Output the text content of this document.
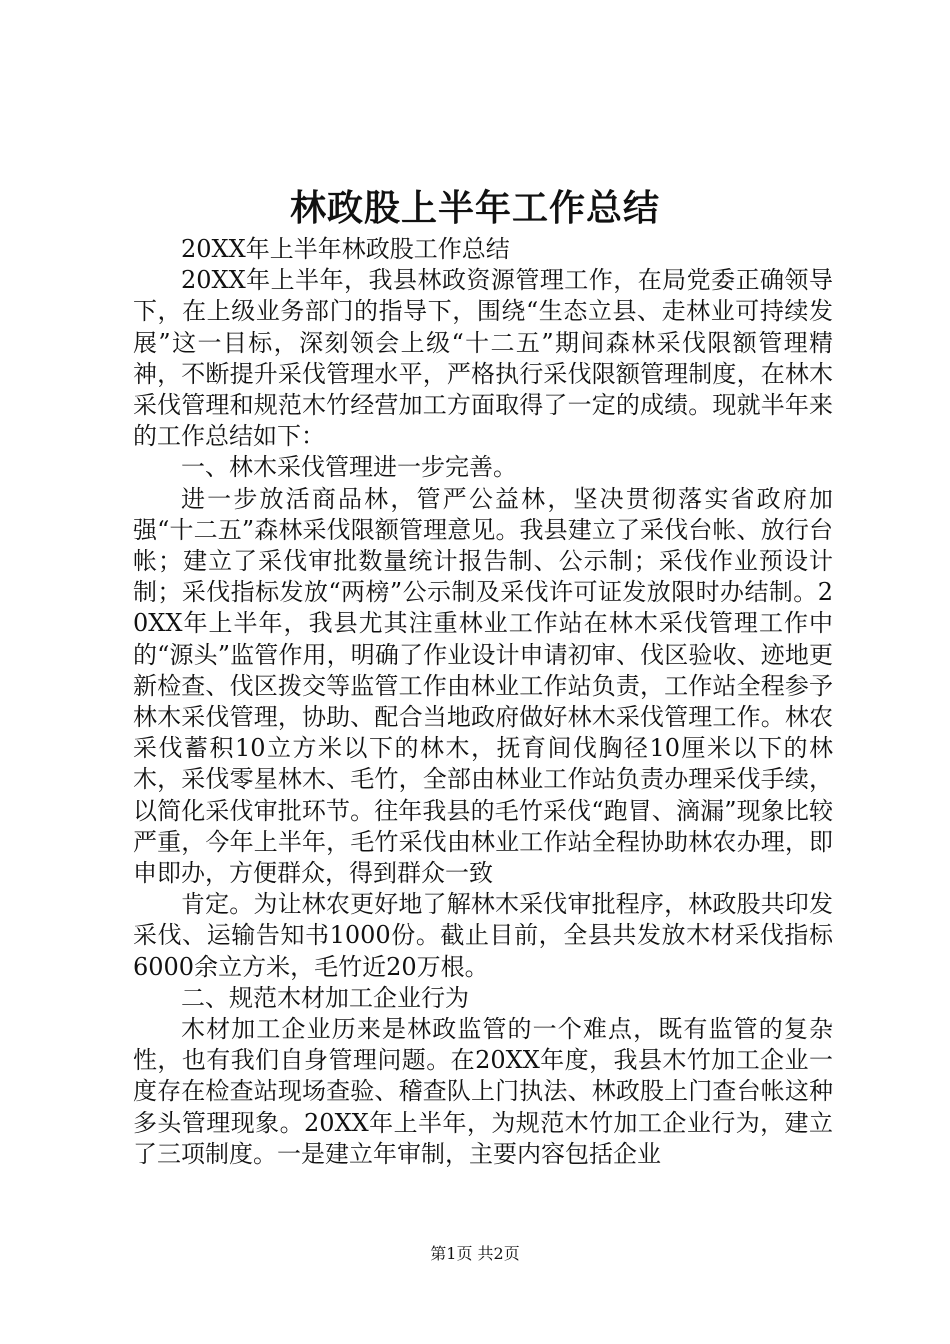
林政股上半年工作总结

20XX年上半年林政股工作总结

20XX年上半年，我县林政资源管理工作，在局党委正确领导下，在上级业务部门的指导下，围绕“生态立县、走林业可持续发展”这一目标，深刻领会上级“十二五”期间森林采伐限额管理精神，不断提升采伐管理水平，严格执行采伐限额管理制度，在林木采伐管理和规范木竹经营加工方面取得了一定的成绩。现就半年来的工作总结如下：

一、林木采伐管理进一步完善。

进一步放活商品林，管严公益林，坚决贯彻落实省政府加强“十二五”森林采伐限额管理意见。我县建立了采伐台帐、放行台帐；建立了采伐审批数量统计报告制、公示制；采伐作业预设计制；采伐指标发放“两榜”公示制及采伐许可证发放限时办结制。20XX年上半年，我县尤其注重林业工作站在林木采伐管理工作中的“源头”监管作用，明确了作业设计申请初审、伐区验收、迹地更新检查、伐区拨交等监管工作由林业工作站负责，工作站全程参予林木采伐管理，协助、配合当地政府做好林木采伐管理工作。林农采伐蓄积10立方米以下的林木，抚育间伐胸径10厘米以下的林木，采伐零星林木、毛竹，全部由林业工作站负责办理采伐手续，以简化采伐审批环节。往年我县的毛竹采伐“跑冒、滴漏”现象比较严重，今年上半年，毛竹采伐由林业工作站全程协助林农办理，即申即办，方便群众，得到群众一致

肯定。为让林农更好地了解林木采伐审批程序，林政股共印发采伐、运输告知书1000份。截止目前，全县共发放木材采伐指标6000余立方米，毛竹近20万根。

二、规范木材加工企业行为

木材加工企业历来是林政监管的一个难点，既有监管的复杂性，也有我们自身管理问题。在20XX年度，我县木竹加工企业一度存在检查站现场查验、稽查队上门执法、林政股上门查台帐这种多头管理现象。20XX年上半年，为规范木竹加工企业行为，建立了三项制度。一是建立年审制，主要内容包括企业

第1页 共2页
